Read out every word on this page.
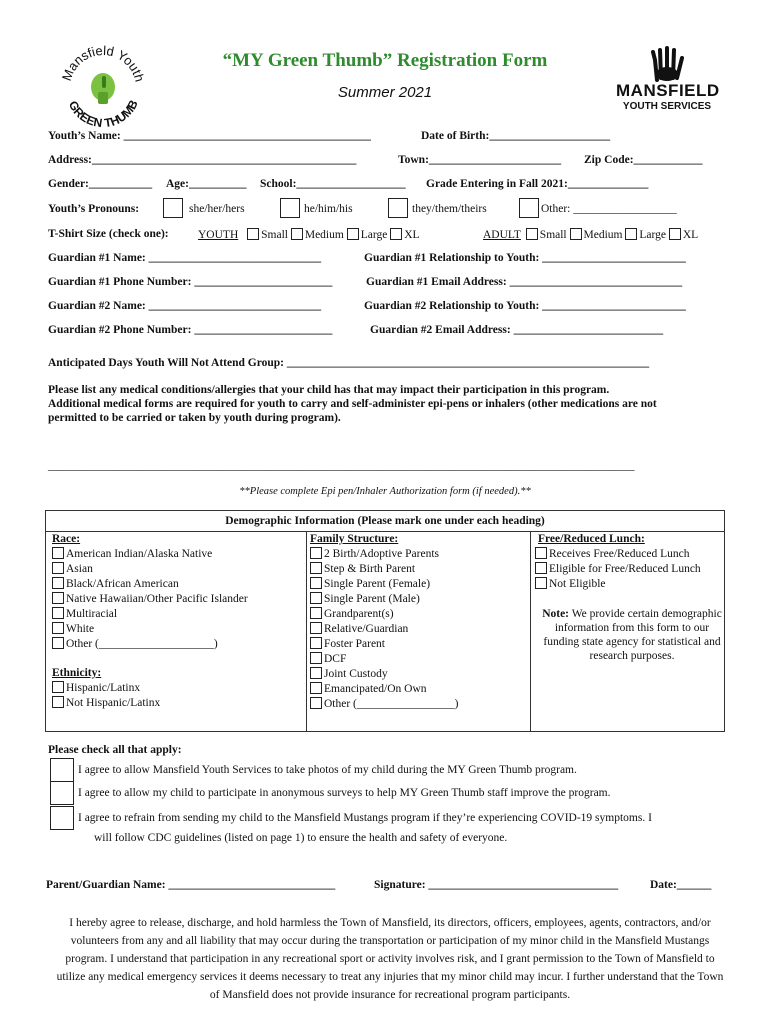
Mansfield Youth
GREEN THUMB
MANSFIELD
YOUTH SERVICES
“MY Green Thumb” Registration Form
Summer 2021
Youth’s Name: ___________________________________________	Date of Birth:_____________________
Address:______________________________________________	Town:_______________________ Zip Code:____________
Gender:___________ Age:__________ School:___________________ Grade Entering in Fall 2021:______________
Youth’s Pronouns:	she/her/hers	he/him/his	they/them/theirs	Other: __________________
T-Shirt Size (check one):	YOUTH Small Medium Large XL	ADULT Small Medium Large XL
Guardian #1 Name: ______________________________	Guardian #1 Relationship to Youth: _________________________
Guardian #1 Phone Number: ________________________	Guardian #1 Email Address: ______________________________
Guardian #2 Name: ______________________________	Guardian #2 Relationship to Youth: _________________________
Guardian #2 Phone Number: ________________________	Guardian #2 Email Address: __________________________
Anticipated Days Youth Will Not Attend Group: _______________________________________________________________
Please list any medical conditions/allergies that your child has that may impact their participation in this program.
Additional medical forms are required for youth to carry and self-administer epi-pens or inhalers (other medications are not
permitted to be carried or taken by youth during program).
______________________________________________________________________________________________________
**Please complete Epi pen/Inhaler Authorization form (if needed).**
Demographic Information (Please mark one under each heading)
Race:
American Indian/Alaska Native
Asian
Black/African American
Native Hawaiian/Other Pacific Islander
Multiracial
White
Other (____________________)
Ethnicity:
Hispanic/Latinx
Not Hispanic/Latinx
Family Structure:
2 Birth/Adoptive Parents
Step & Birth Parent
Single Parent (Female)
Single Parent (Male)
Grandparent(s)
Relative/Guardian
Foster Parent
DCF
Joint Custody
Emancipated/On Own
Other (_________________)
Free/Reduced Lunch:
Receives Free/Reduced Lunch
Eligible for Free/Reduced Lunch
Not Eligible
Note: We provide certain demographic information from this form to our funding state agency for statistical and research purposes.
Please check all that apply:
I agree to allow Mansfield Youth Services to take photos of my child during the MY Green Thumb program.
I agree to allow my child to participate in anonymous surveys to help MY Green Thumb staff improve the program.
I agree to refrain from sending my child to the Mansfield Mustangs program if they’re experiencing COVID-19 symptoms. I
will follow CDC guidelines (listed on page 1) to ensure the health and safety of everyone.
Parent/Guardian Name: _____________________________	Signature: _________________________________	Date:______
I hereby agree to release, discharge, and hold harmless the Town of Mansfield, its directors, officers, employees, agents, contractors, and/or volunteers from any and all liability that may occur during the transportation or participation of my minor child in the Mansfield Mustangs program. I understand that participation in any recreational sport or activity involves risk, and I grant permission to the Town of Mansfield to utilize any medical emergency services it deems necessary to treat any injuries that my minor child may incur. I further understand that the Town of Mansfield does not provide insurance for recreational program participants.
